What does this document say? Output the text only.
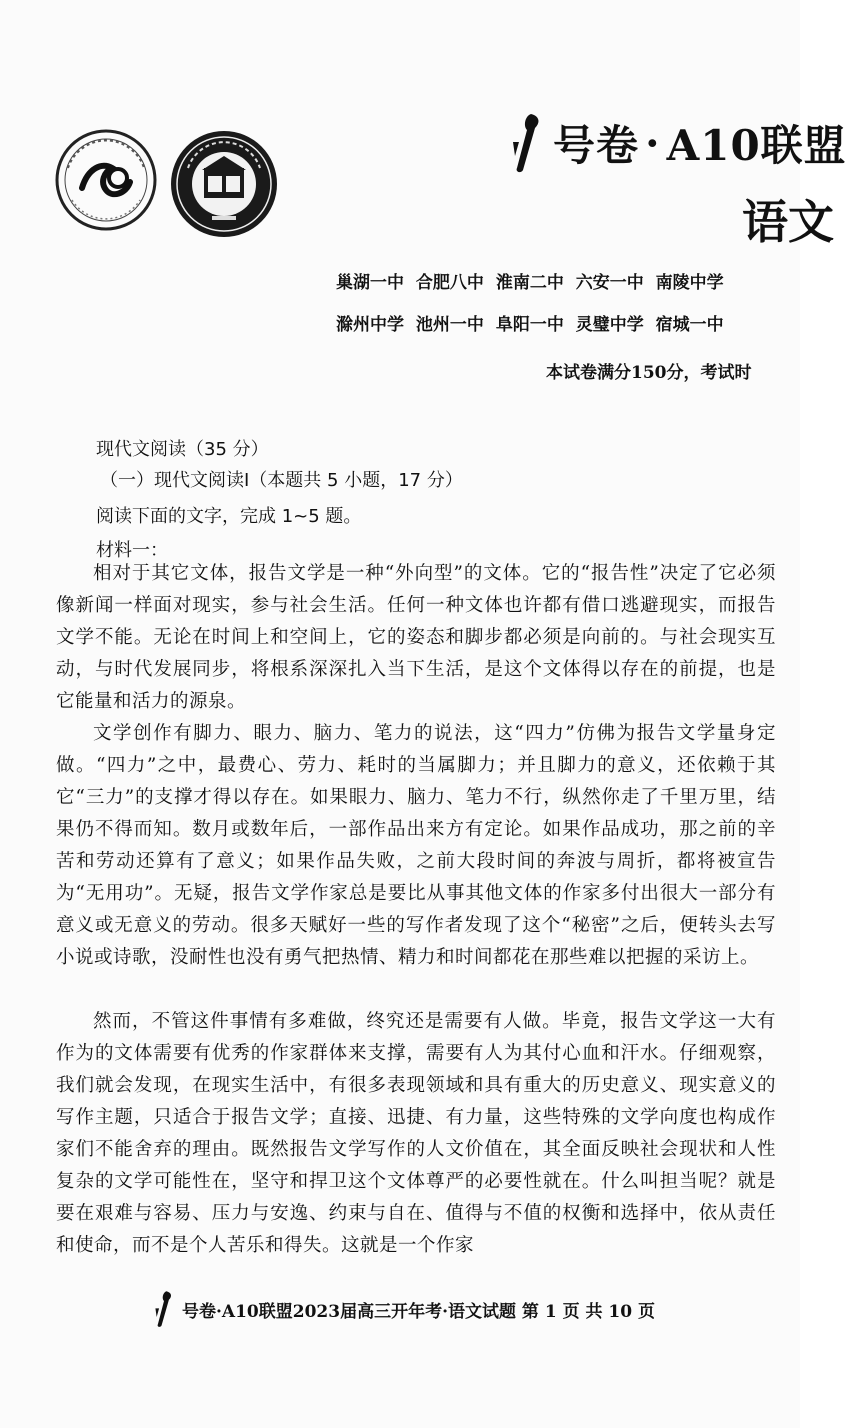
号卷 · A10联盟
语文
巢湖一中 合肥八中 淮南二中 六安一中 南陵中学
滁州中学 池州一中 阜阳一中 灵璧中学 宿城一中
本试卷满分150分，考试时
现代文阅读（35 分）
（一）现代文阅读Ⅰ（本题共 5 小题，17 分）
阅读下面的文字，完成 1~5 题。
材料一：

相对于其它文体，报告文学是一种“外向型”的文体。它的“报告性”决定了它必须像新闻一样面对现实，参与社会生活。任何一种文体也许都有借口逃避现实，而报告文学不能。无论在时间上和空间上，它的姿态和脚步都必须是向前的。与社会现实互动，与时代发展同步，将根系深深扎入当下生活，是这个文体得以存在的前提，也是它能量和活力的源泉。

文学创作有脚力、眼力、脑力、笔力的说法，这“四力”仿佛为报告文学量身定做。“四力”之中，最费心、劳力、耗时的当属脚力；并且脚力的意义，还依赖于其它“三力”的支撑才得以存在。如果眼力、脑力、笔力不行，纵然你走了千里万里，结果仍不得而知。数月或数年后，一部作品出来方有定论。如果作品成功，那之前的辛苦和劳动还算有了意义；如果作品失败，之前大段时间的奔波与周折，都将被宣告为“无用功”。无疑，报告文学作家总是要比从事其他文体的作家多付出很大一部分有意义或无意义的劳动。很多天赋好一些的写作者发现了这个“秘密”之后，便转头去写小说或诗歌，没耐性也没有勇气把热情、精力和时间都花在那些难以把握的采访上。

然而，不管这件事情有多难做，终究还是需要有人做。毕竟，报告文学这一大有作为的文体需要有优秀的作家群体来支撑，需要有人为其付心血和汗水。仔细观察，我们就会发现，在现实生活中，有很多表现领域和具有重大的历史意义、现实意义的写作主题，只适合于报告文学；直接、迅捷、有力量，这些特殊的文学向度也构成作家们不能舍弃的理由。既然报告文学写作的人文价值在，其全面反映社会现状和人性复杂的文学可能性在，坚守和捍卫这个文体尊严的必要性就在。什么叫担当呢？就是要在艰难与容易、压力与安逸、约束与自在、值得与不值的权衡和选择中，依从责任和使命，而不是个人苦乐和得失。这就是一个作家

号卷 ·A10联盟2023届高三开年考·语文试题 第 1 页 共 10 页
